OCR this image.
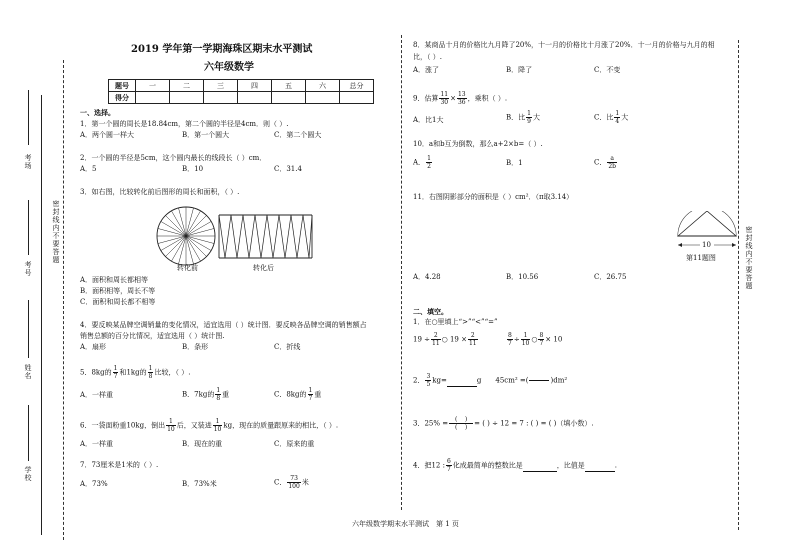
考场
考号
姓名
学校
密 封 线 内 不 要 答 题
2019 学年第一学期海珠区期末水平测试
六年级数学
题号	一	二	三	四	五	六	总分
得分							
一、选择。
1．第一个圆的周长是18.84cm，第二个圆的半径是4cm．则（ ）.
A．两个圆一样大	B．第一个圆大	C．第二个圆大
2．一个圆的半径是5cm，这个圆内最长的线段长（ ）cm．
A．5	B．10	C．31.4
3．如右图，比较转化前后图形的周长和面积，（ ）.
转化前	转化后
A．面积和周长都相等
B．面积相等，周长不等
C．面积和周长都不相等
4．要反映某品牌空调销量的变化情况，适宜选用（ ）统计图．要反映各品牌空调的销售额占
销售总额的百分比情况，适宜选用（ ）统计图.
A．扇形	B．条形	C．折线
5．8kg的 $\frac{1}{7}$ 和1kg的 $\frac{1}{8}$ 比较，（ ）.
A．一样重	B．7kg的 $\frac{1}{8}$ 重	C．8kg的 $\frac{1}{7}$ 重
6．一袋面粉重10kg，倒出 $\frac{1}{10}$ 后，又装进 $\frac{1}{10}$ kg，现在的质量跟原来的相比，（ ）.
A．一样重	B．现在的重	C．原来的重
7．73厘米是1米的（ ）.
A．73%	B．73%米	C． $\frac{73}{100}$ 米
8．某商品十月的价格比九月降了20%，十一月的价格比十月涨了20%．十一月的价格与九月的相
比，（ ）.
A．涨了	B．降了	C．不变
9．估算 $\frac{11}{30} \times \frac{13}{36}$ ，乘积（ ）.
A．比1大	B．比 $\frac{1}{9}$ 大	C．比 $\frac{1}{4}$ 大
10．a和b互为倒数，那么a+2×b=（ ）.
A． $\frac{1}{2}$	B．1	C． $\frac{a}{2b}$
11．右图阴影部分的面积是（ ）cm²．（π取3.14）
10
第11题图
A．4.28	B．10.56	C．26.75
二、填空。
1．在○里填上“>”“<”“=”
$19 \div \frac{2}{11}$ ○ $19 \times \frac{2}{11}$	$\frac{8}{7} \div \frac{1}{10}$ ○ $\frac{8}{7} \times 10$
2． $\frac{3}{5} kg=$	g 45cm² =(

	)dm²
3．$25\% = \frac{( )}{( )}$ = ( ) ÷ 12 = 7 : ( ) = ( )（填小数）.
4．把12 : $\frac{6}{7}$ 化成最简单的整数比是	，比值是	.
密 封 线 内 不 要 答 题
六年级数学期末水平测试　第 1 页
